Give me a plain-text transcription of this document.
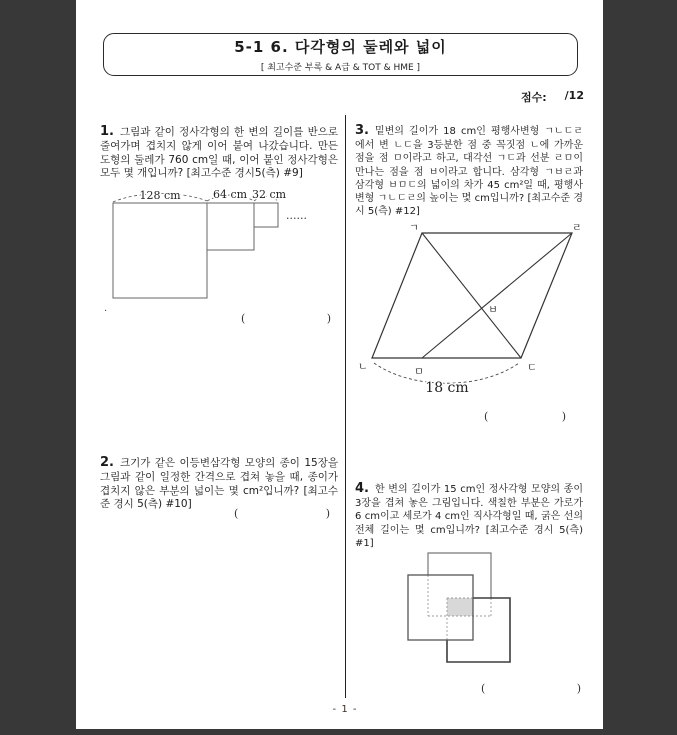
5-1 6. 다각형의 둘레와 넓이
[ 최고수준 부록 & A급 & TOT & HME ]
점수: /12

1. 그림과 같이 정사각형의 한 변의 길이를 반으로 줄여가며 겹치지 않게 이어 붙여 나갔습니다. 만든 도형의 둘레가 760 cm일 때, 이어 붙인 정사각형은 모두 몇 개입니까? [최고수준 경시5(측) #9]

128 cm	64 cm 32 cm
······
.
(	)

2. 크기가 같은 이등변삼각형 모양의 종이 15장을 그림과 같이 일정한 간격으로 겹쳐 놓을 때, 종이가 겹치지 않은 부분의 넓이는 몇 cm²입니까? [최고수준 경시 5(측) #10]

(	)

3. 밑변의 길이가 18 cm인 평행사변형 ㄱㄴㄷㄹ에서 변 ㄴㄷ을 3등분한 점 중 꼭짓점 ㄴ에 가까운 점을 점 ㅁ이라고 하고, 대각선 ㄱㄷ과 선분 ㄹㅁ이 만나는 점을 점 ㅂ이라고 합니다. 삼각형 ㄱㅂㄹ과 삼각형 ㅂㅁㄷ의 넓이의 차가 45 cm²일 때, 평행사변형 ㄱㄴㄷㄹ의 높이는 몇 cm입니까? [최고수준 경시 5(측) #12]

ㄱ	ㄹ
ㄴ	ㄷ
ㅁ
ㅂ
18 cm
(	)

4. 한 변의 길이가 15 cm인 정사각형 모양의 종이 3장을 겹쳐 놓은 그림입니다. 색칠한 부분은 가로가 6 cm이고 세로가 4 cm인 직사각형일 때, 굵은 선의 전체 길이는 몇 cm입니까? [최고수준 경시 5(측) #1]

(	)
- 1 -
